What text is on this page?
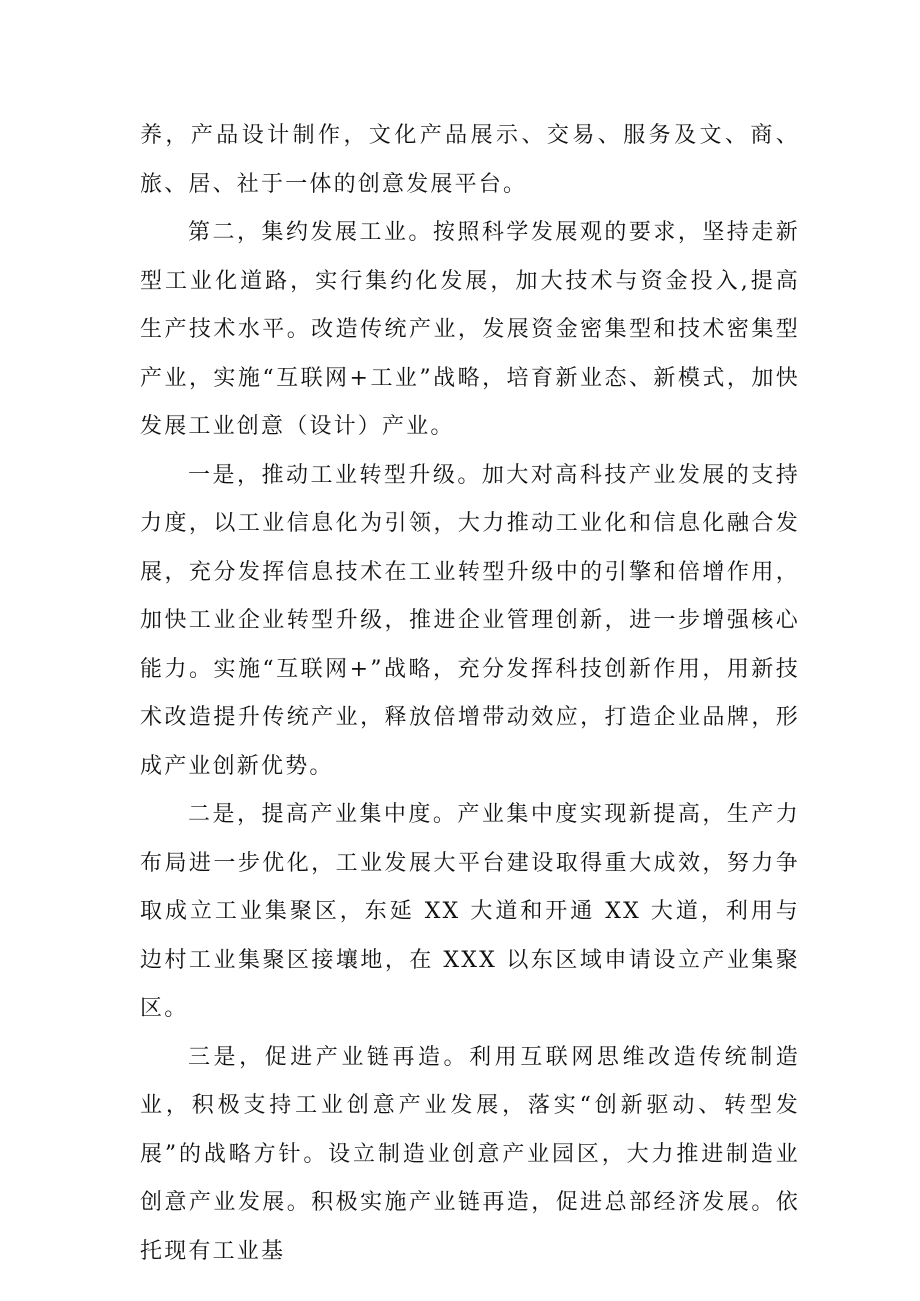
养，产品设计制作，文化产品展示、交易、服务及文、商、旅、居、社于一体的创意发展平台。

第二，集约发展工业。按照科学发展观的要求，坚持走新型工业化道路，实行集约化发展，加大技术与资金投入,提高生产技术水平。改造传统产业，发展资金密集型和技术密集型产业，实施“互联网+工业”战略，培育新业态、新模式，加快发展工业创意（设计）产业。

一是，推动工业转型升级。加大对高科技产业发展的支持力度，以工业信息化为引领，大力推动工业化和信息化融合发展，充分发挥信息技术在工业转型升级中的引擎和倍增作用，加快工业企业转型升级，推进企业管理创新，进一步增强核心能力。实施“互联网+”战略，充分发挥科技创新作用，用新技术改造提升传统产业，释放倍增带动效应，打造企业品牌，形成产业创新优势。

二是，提高产业集中度。产业集中度实现新提高，生产力布局进一步优化，工业发展大平台建设取得重大成效，努力争取成立工业集聚区，东延 XX 大道和开通 XX 大道，利用与边村工业集聚区接壤地，在 XXX 以东区域申请设立产业集聚区。

三是，促进产业链再造。利用互联网思维改造传统制造业，积极支持工业创意产业发展，落实“创新驱动、转型发展”的战略方针。设立制造业创意产业园区，大力推进制造业创意产业发展。积极实施产业链再造，促进总部经济发展。依托现有工业基
